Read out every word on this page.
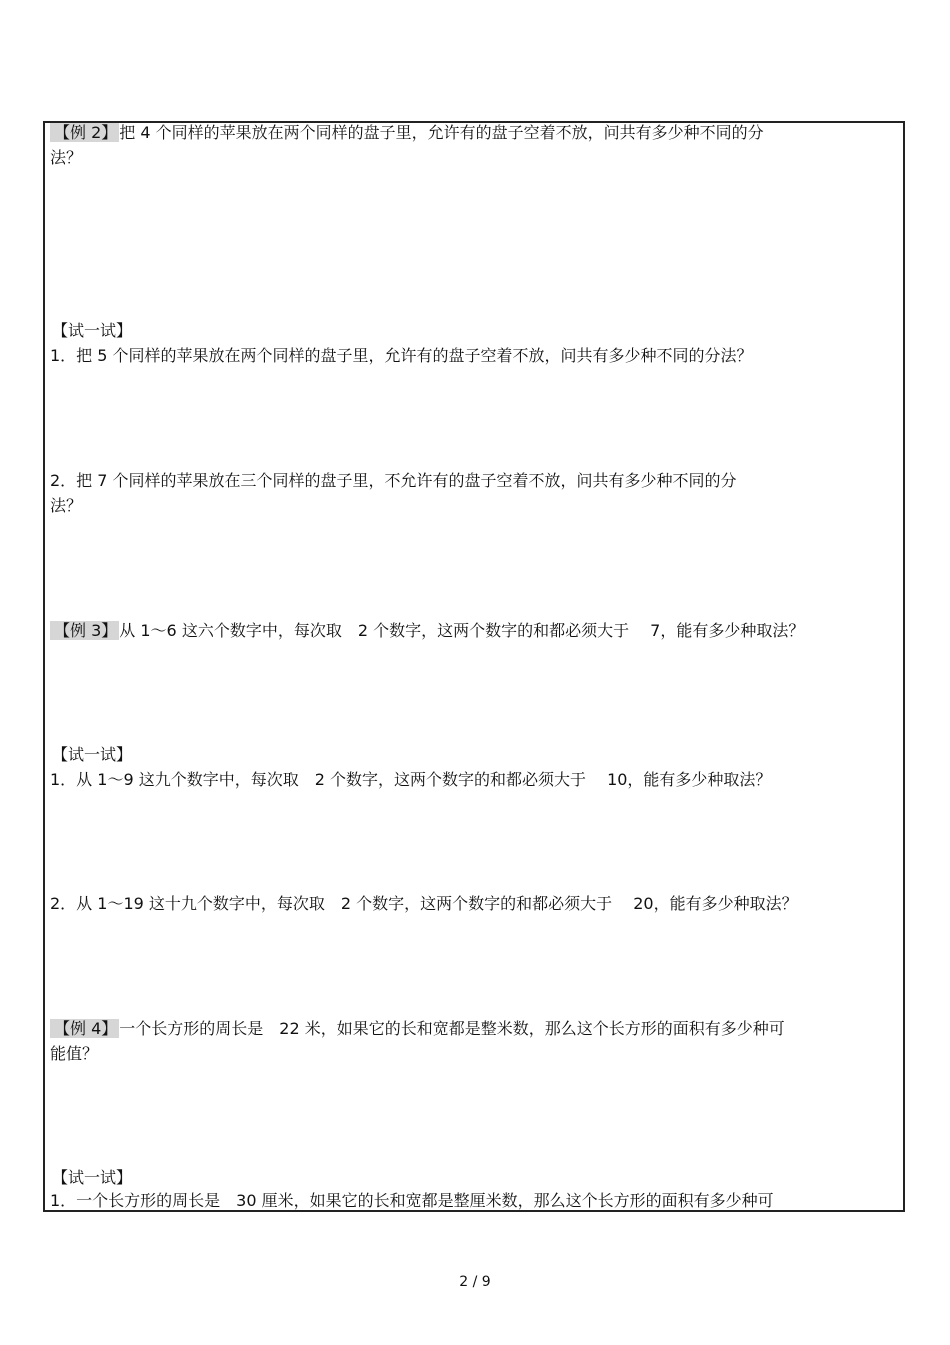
【例 2】 把 4 个同样的苹果放在两个同样的盘子里，允许有的盘子空着不放，问共有多少种不同的分
法？
【试一试】
1．把 5 个同样的苹果放在两个同样的盘子里，允许有的盘子空着不放，问共有多少种不同的分法？
2．把 7 个同样的苹果放在三个同样的盘子里，不允许有的盘子空着不放，问共有多少种不同的分
法？
【例 3】 从 1～6 这六个数字中，每次取　2 个数字，这两个数字的和都必须大于　 7，能有多少种取法？
【试一试】
1．从 1～9 这九个数字中，每次取　2 个数字，这两个数字的和都必须大于　 10，能有多少种取法？
2．从 1～19 这十九个数字中，每次取　2 个数字，这两个数字的和都必须大于　 20，能有多少种取法？
【例 4】 一个长方形的周长是　22 米，如果它的长和宽都是整米数，那么这个长方形的面积有多少种可
能值？
【试一试】
1．一个长方形的周长是　30 厘米，如果它的长和宽都是整厘米数，那么这个长方形的面积有多少种可
2 / 9
